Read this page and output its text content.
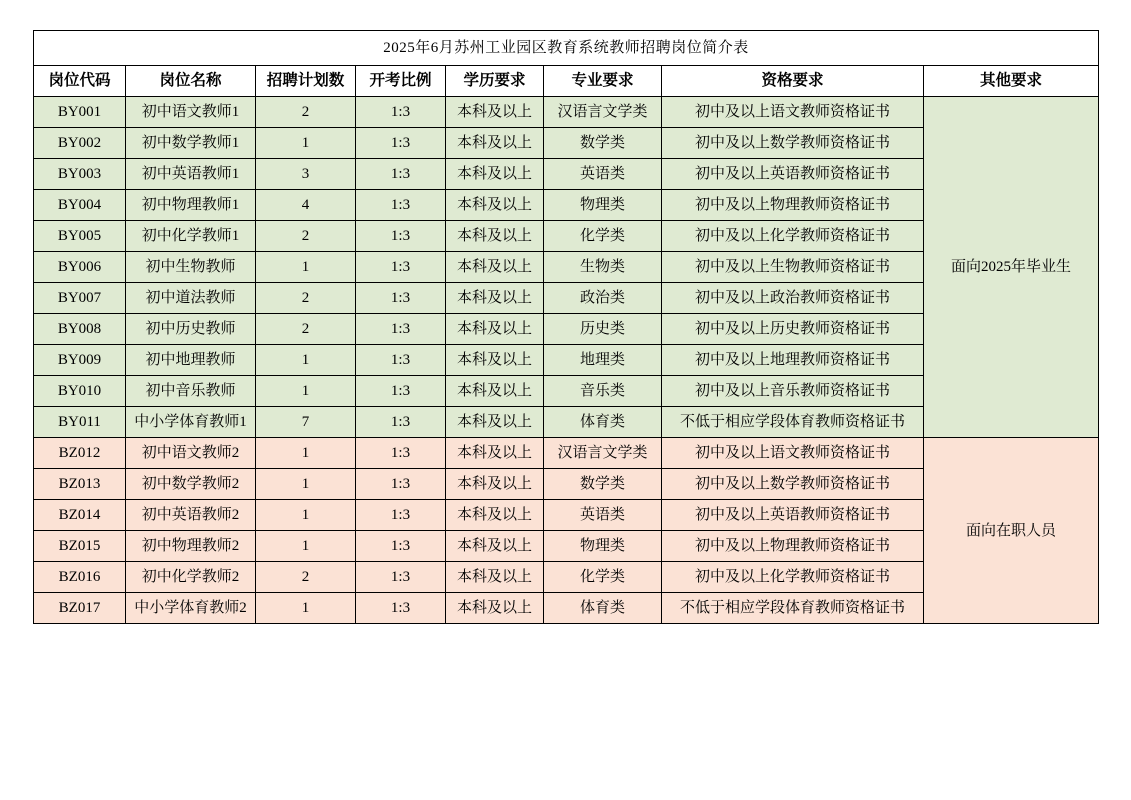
2025年6月苏州工业园区教育系统教师招聘岗位简介表							
岗位代码	岗位名称	招聘计划数	开考比例	学历要求	专业要求	资格要求	其他要求
BY001	初中语文教师1	2	1:3	本科及以上	汉语言文学类	初中及以上语文教师资格证书	面向2025年毕业生
BY002	初中数学教师1	1	1:3	本科及以上	数学类	初中及以上数学教师资格证书	
BY003	初中英语教师1	3	1:3	本科及以上	英语类	初中及以上英语教师资格证书	
BY004	初中物理教师1	4	1:3	本科及以上	物理类	初中及以上物理教师资格证书	
BY005	初中化学教师1	2	1:3	本科及以上	化学类	初中及以上化学教师资格证书	
BY006	初中生物教师	1	1:3	本科及以上	生物类	初中及以上生物教师资格证书	
BY007	初中道法教师	2	1:3	本科及以上	政治类	初中及以上政治教师资格证书	
BY008	初中历史教师	2	1:3	本科及以上	历史类	初中及以上历史教师资格证书	
BY009	初中地理教师	1	1:3	本科及以上	地理类	初中及以上地理教师资格证书	
BY010	初中音乐教师	1	1:3	本科及以上	音乐类	初中及以上音乐教师资格证书	
BY011	中小学体育教师1	7	1:3	本科及以上	体育类	不低于相应学段体育教师资格证书	
BZ012	初中语文教师2	1	1:3	本科及以上	汉语言文学类	初中及以上语文教师资格证书	面向在职人员
BZ013	初中数学教师2	1	1:3	本科及以上	数学类	初中及以上数学教师资格证书	
BZ014	初中英语教师2	1	1:3	本科及以上	英语类	初中及以上英语教师资格证书	
BZ015	初中物理教师2	1	1:3	本科及以上	物理类	初中及以上物理教师资格证书	
BZ016	初中化学教师2	2	1:3	本科及以上	化学类	初中及以上化学教师资格证书	
BZ017	中小学体育教师2	1	1:3	本科及以上	体育类	不低于相应学段体育教师资格证书	
